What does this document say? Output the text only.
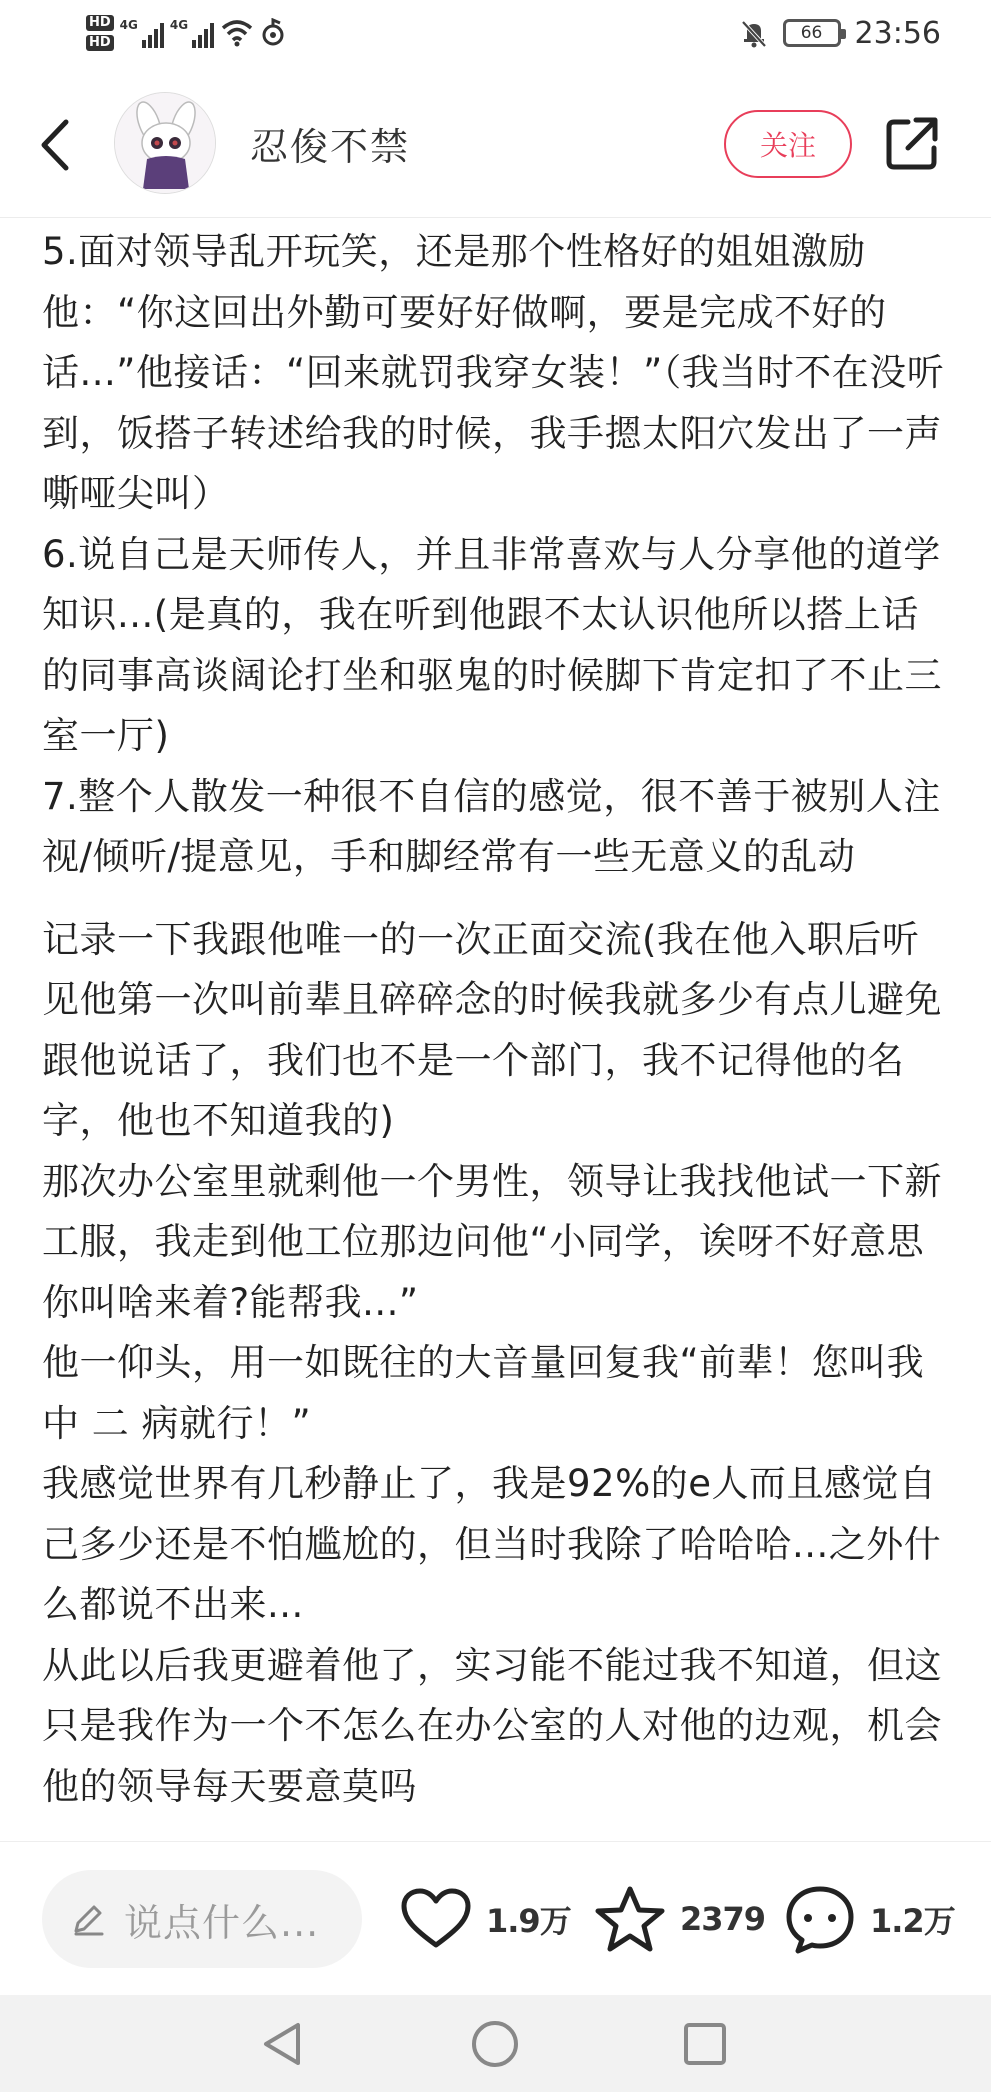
HD
HD
4G	4G	66 23:56
忍俊不禁	关注

5.面对领导乱开玩笑，还是那个性格好的姐姐激励他：“你这回出外勤可要好好做啊，要是完成不好的话...”他接话：“回来就罚我穿女装！”（我当时不在没听到，饭搭子转述给我的时候，我手摁太阳穴发出了一声嘶哑尖叫）

6.说自己是天师传人，并且非常喜欢与人分享他的道学知识...(是真的，我在听到他跟不太认识他所以搭上话的同事高谈阔论打坐和驱鬼的时候脚下肯定扣了不止三室一厅)

7.整个人散发一种很不自信的感觉，很不善于被别人注视/倾听/提意见，手和脚经常有一些无意义的乱动

记录一下我跟他唯一的一次正面交流(我在他入职后听见他第一次叫前辈且碎碎念的时候我就多少有点儿避免跟他说话了，我们也不是一个部门，我不记得他的名字，他也不知道我的)

那次办公室里就剩他一个男性，领导让我找他试一下新工服，我走到他工位那边问他“小同学，诶呀不好意思你叫啥来着?能帮我...”

他一仰头，用一如既往的大音量回复我“前辈！您叫我中 二 病就行！”

我感觉世界有几秒静止了，我是92%的e人而且感觉自己多少还是不怕尴尬的，但当时我除了哈哈哈...之外什么都说不出来...

从此以后我更避着他了，实习能不能过我不知道，但这只是我作为一个不怎么在办公室的人对他的边观，机会他的领导每天要意莫吗

说点什么...	1.9万	2379	1.2万
